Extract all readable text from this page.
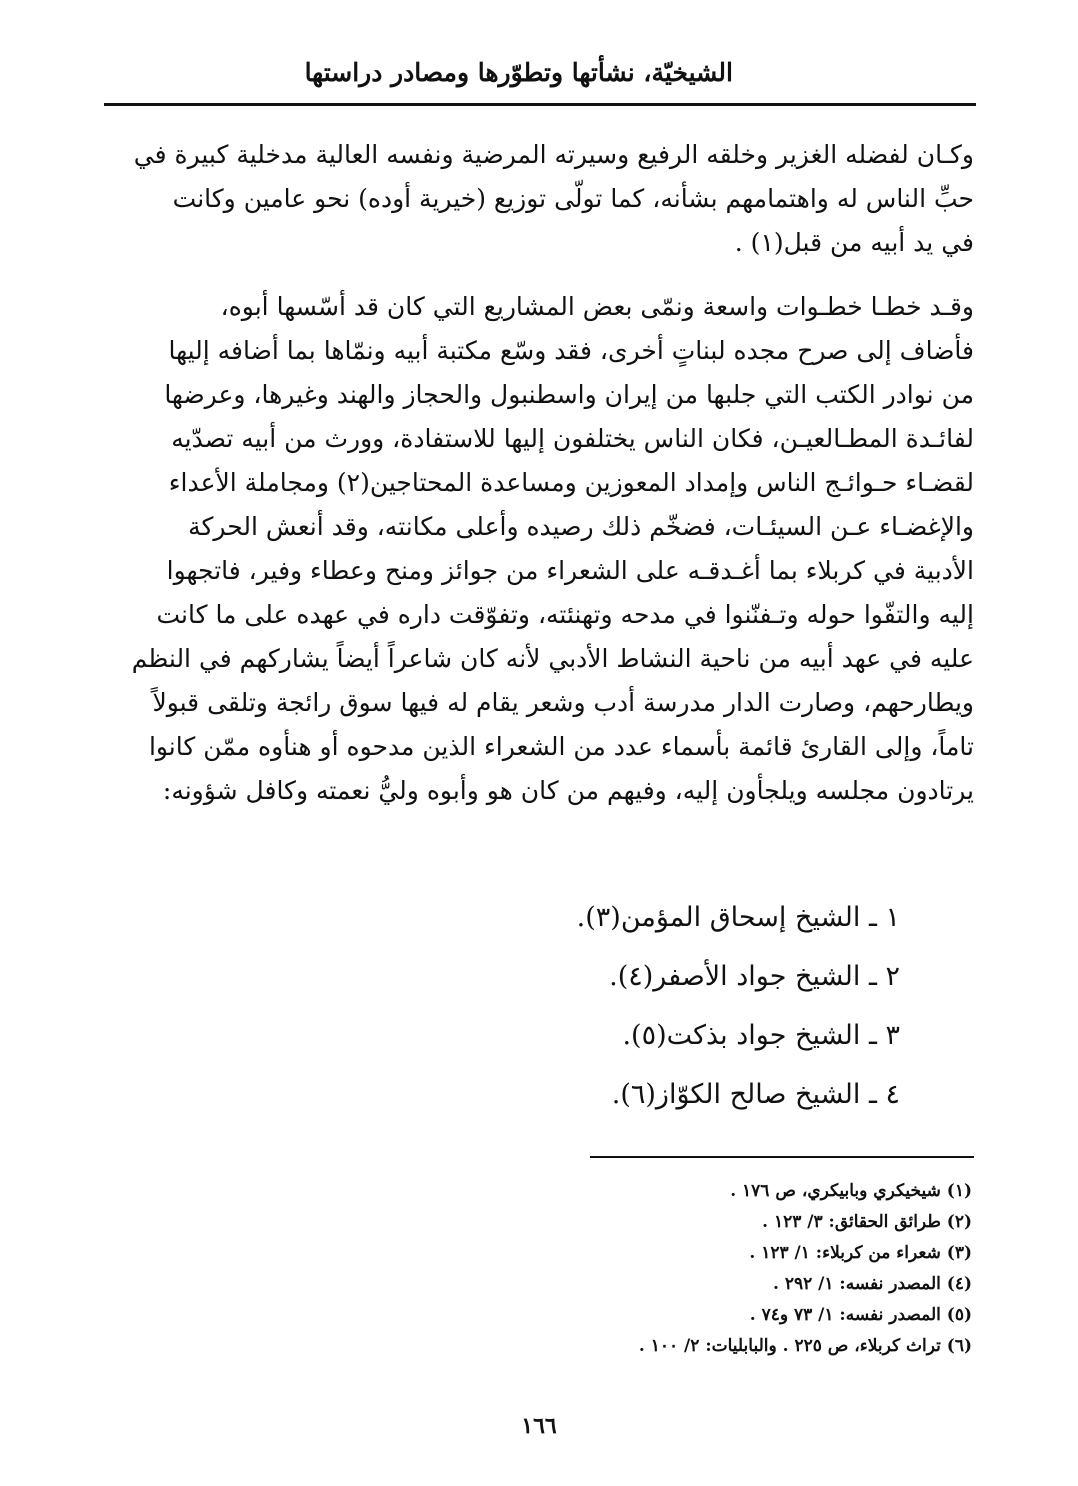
الشيخيّة، نشأتها وتطوّرها ومصادر دراستها
وكـان لفضله الغزير وخلقه الرفيع وسيرته المرضية ونفسه العالية مدخلية كبيرة في
حبِّ الناس له واهتمامهم بشأنه، كما تولّى توزيع (خيرية أوده) نحو عامين وكانت
في يد أبيه من قبل(١) .
وقـد خطـا خطـوات واسعة ونمّى بعض المشاريع التي كان قد أسّسها أبوه،
فأضاف إلى صرح مجده لبناتٍ أخرى، فقد وسّع مكتبة أبيه ونمّاها بما أضافه إليها
من نوادر الكتب التي جلبها من إيران واسطنبول والحجاز والهند وغيرها، وعرضها
لفائـدة المطـالعيـن، فكان الناس يختلفون إليها للاستفادة، وورث من أبيه تصدّيه
لقضـاء حـوائـج الناس وإمداد المعوزين ومساعدة المحتاجين(٢) ومجاملة الأعداء
والإغضـاء عـن السيئـات، فضخّم ذلك رصيده وأعلى مكانته، وقد أنعش الحركة
الأدبية في كربلاء بما أغـدقـه على الشعراء من جوائز ومنح وعطاء وفير، فاتجهوا
إليه والتفّوا حوله وتـفنّنوا في مدحه وتهنئته، وتفوّقت داره في عهده على ما كانت
عليه في عهد أبيه من ناحية النشاط الأدبي لأنه كان شاعراً أيضاً يشاركهم في النظم
ويطارحهم، وصارت الدار مدرسة أدب وشعر يقام له فيها سوق رائجة وتلقى قبولاً
تاماً، وإلى القارئ قائمة بأسماء عدد من الشعراء الذين مدحوه أو هنأوه ممّن كانوا
يرتادون مجلسه ويلجأون إليه، وفيهم من كان هو وأبوه وليُّ نعمته وكافل شؤونه:
١ ـ الشيخ إسحاق المؤمن(٣).
٢ ـ الشيخ جواد الأصفر(٤).
٣ ـ الشيخ جواد بذكت(٥).
٤ ـ الشيخ صالح الكوّاز(٦).
(١) شيخيكري وبابيكري، ص ١٧٦ .
(٢) طرائق الحقائق: ٣/ ١٢٣ .
(٣) شعراء من كربلاء: ١/ ١٢٣ .
(٤) المصدر نفسه: ١/ ٢٩٢ .
(٥) المصدر نفسه: ١/ ٧٣ و٧٤ .
(٦) تراث كربلاء، ص ٢٢٥ . والبابليات: ٢/ ١٠٠ .
١٦٦
